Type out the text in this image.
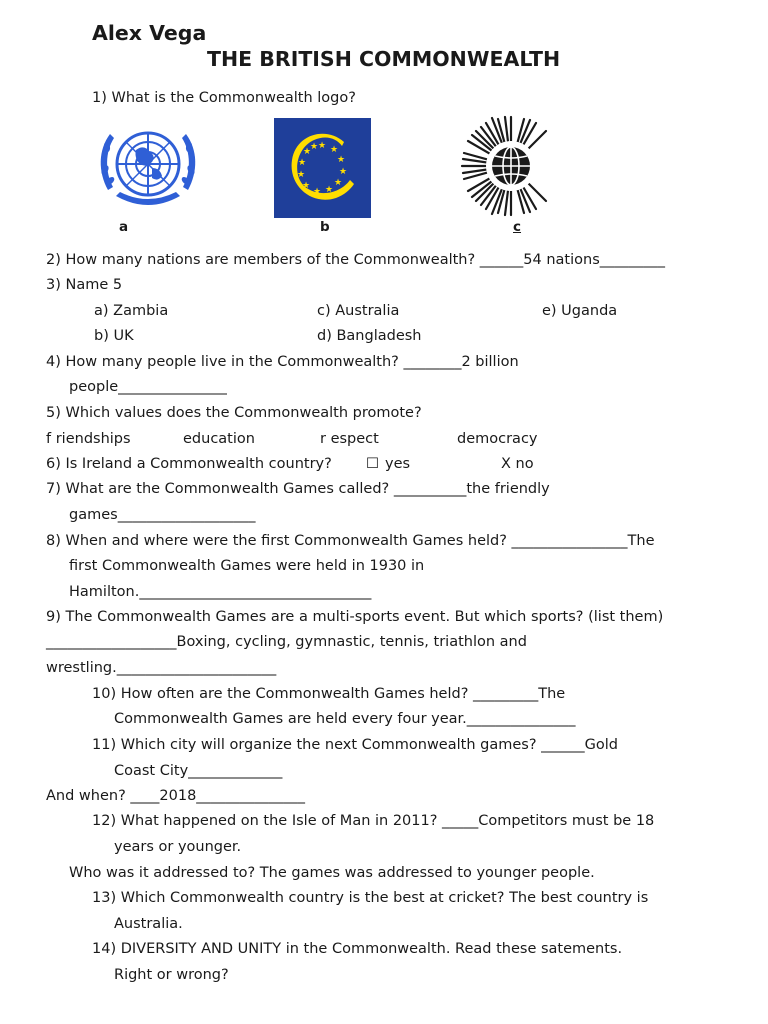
Alex Vega
THE BRITISH COMMONWEALTH
1) What is the Commonwealth logo?
a
★ ★
★
★
★
★
★
★
★
★
★
★
b	c
2) How many nations are members of the Commonwealth? ______54 nations_________
3) Name 5
a) Zambia	c) Australia	e) Uganda
b) UK	d) Bangladesh
4) How many people live in the Commonwealth? ________2 billion
people_______________
5) Which values does the Commonwealth promote?
f riendships	education	r espect	democracy
6) Is Ireland a Commonwealth country? ☐ yes	X no
7) What are the Commonwealth Games called? __________the friendly
games___________________
8) When and where were the first Commonwealth Games held? ________________The
first Commonwealth Games were held in 1930 in
Hamilton.________________________________
9) The Commonwealth Games are a multi-sports event. But which sports? (list them)
__________________Boxing, cycling, gymnastic, tennis, triathlon and
wrestling.______________________
10) How often are the Commonwealth Games held? _________The
Commonwealth Games are held every four year._______________
11) Which city will organize the next Commonwealth games? ______Gold
Coast City_____________
And when? ____2018_______________
12) What happened on the Isle of Man in 2011? _____Competitors must be 18
years or younger.
Who was it addressed to? The games was addressed to younger people.
13) Which Commonwealth country is the best at cricket? The best country is
Australia.
14) DIVERSITY AND UNITY in the Commonwealth. Read these satements.
Right or wrong?
